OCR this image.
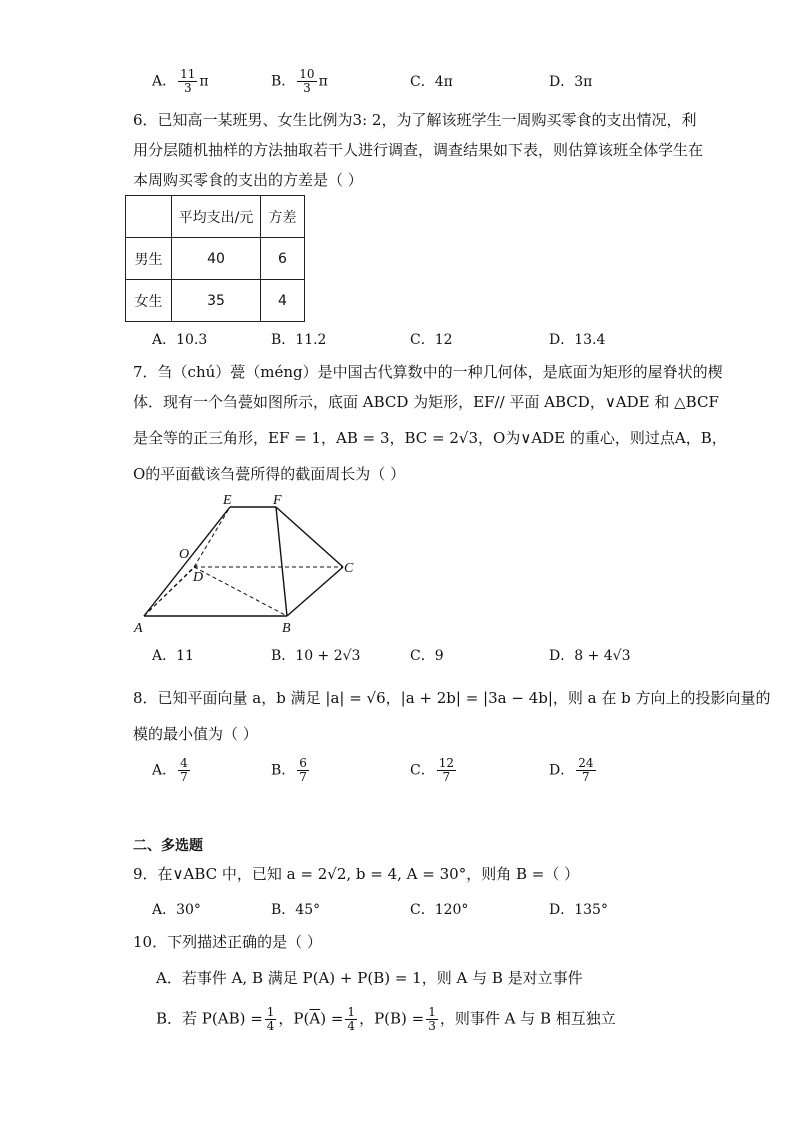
A． $\frac{11}{3}$ π	B． $\frac{10}{3}$ π	C．4π	D．3π
6．已知高一某班男、女生比例为3: 2，为了解该班学生一周购买零食的支出情况，利
用分层随机抽样的方法抽取若干人进行调查，调查结果如下表，则估算该班全体学生在
本周购买零食的支出的方差是（ ）
	平均支出/元	方差
男生	40	6
女生	35	4
A．10.3	B．11.2	C．12	D．13.4
7．刍（chú）甍（méng）是中国古代算数中的一种几何体，是底面为矩形的屋脊状的楔
体．现有一个刍甍如图所示，底面 ABCD 为矩形，EF// 平面 ABCD，∨ADE 和 △BCF
是全等的正三角形，EF = 1，AB = 3，BC = 2√3，O为∨ADE 的重心，则过点A，B，
O的平面截该刍甍所得的截面周长为（ ）
E	F
O
D
C
A	B
A．11	B．10 + 2√3	C．9	D．8 + 4√3
8．已知平面向量 a，b 满足 |a| = √6，|a + 2b| = |3a − 4b|，则 a 在 b 方向上的投影向量的
模的最小值为（ ）
A． $\frac{4}{7}$	B． $\frac{6}{7}$	C． $\frac{12}{7}$	D． $\frac{24}{7}$
二、多选题
9．在∨ABC 中，已知 a = 2√2, b = 4, A = 30°，则角 B =（ ）
A．30°	B．45°	C．120°	D．135°
10．下列描述正确的是（ ）
A．若事件 A, B 满足 P(A) + P(B) = 1，则 A 与 B 是对立事件
B．若 $P(AB) = \frac{1}{4}$ ，$P(\overline{A}) = \frac{1}{4}$ ，$P(B) = \frac{1}{3}$ ，则事件 A 与 B 相互独立
